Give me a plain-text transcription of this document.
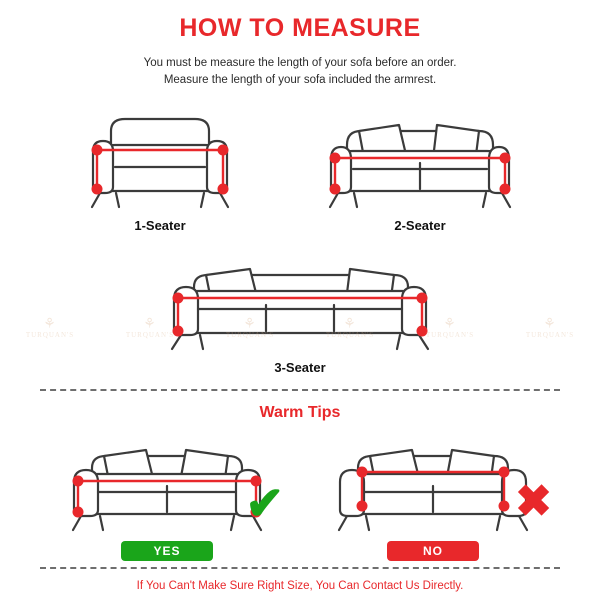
HOW TO MEASURE
You must be measure the length of your sofa before an order.
Measure the length of your sofa included the armrest.
1-Seater	2-Seater
3-Seater
⚘
TURQUAN'S
⚘
TURQUAN'S
⚘
TURQUAN'S
⚘
TURQUAN'S
⚘
TURQUAN'S
⚘
TURQUAN'S
Warm Tips
✔
YES
✖
NO
If You Can't Make Sure Right Size, You Can Contact Us Directly.
